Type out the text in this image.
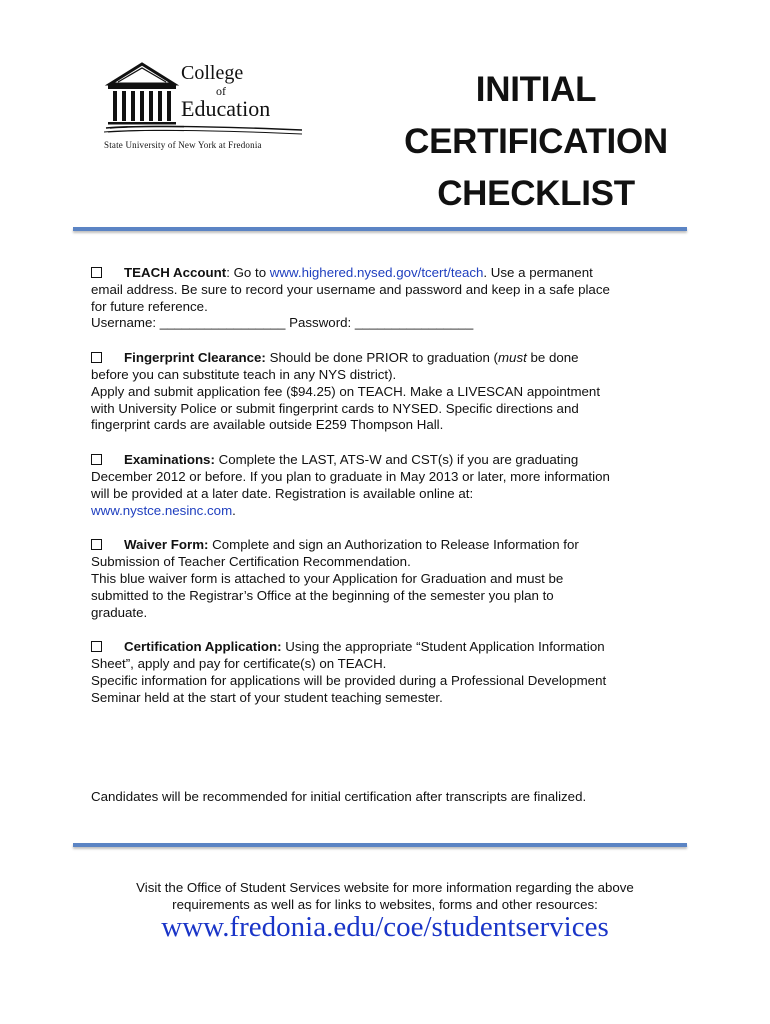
College
of
Education
State University of New York at Fredonia
INITIAL
CERTIFICATION
CHECKLIST

TEACH Account: Go to www.highered.nysed.gov/tcert/teach. Use a permanent

email address. Be sure to record your username and password and keep in a safe place

for future reference.

Username: _________________ Password: ________________

Fingerprint Clearance: Should be done PRIOR to graduation (must be done

before you can substitute teach in any NYS district).

Apply and submit application fee ($94.25) on TEACH. Make a LIVESCAN appointment

with University Police or submit fingerprint cards to NYSED. Specific directions and

fingerprint cards are available outside E259 Thompson Hall.

Examinations: Complete the LAST, ATS-W and CST(s) if you are graduating

December 2012 or before. If you plan to graduate in May 2013 or later, more information

will be provided at a later date. Registration is available online at:

www.nystce.nesinc.com.

Waiver Form: Complete and sign an Authorization to Release Information for

Submission of Teacher Certification Recommendation.

This blue waiver form is attached to your Application for Graduation and must be

submitted to the Registrar’s Office at the beginning of the semester you plan to

graduate.

Certification Application: Using the appropriate “Student Application Information

Sheet”, apply and pay for certificate(s) on TEACH.

Specific information for applications will be provided during a Professional Development

Seminar held at the start of your student teaching semester.

Candidates will be recommended for initial certification after transcripts are finalized.
Visit the Office of Student Services website for more information regarding the above
requirements as well as for links to websites, forms and other resources:
www.fredonia.edu/coe/studentservices
